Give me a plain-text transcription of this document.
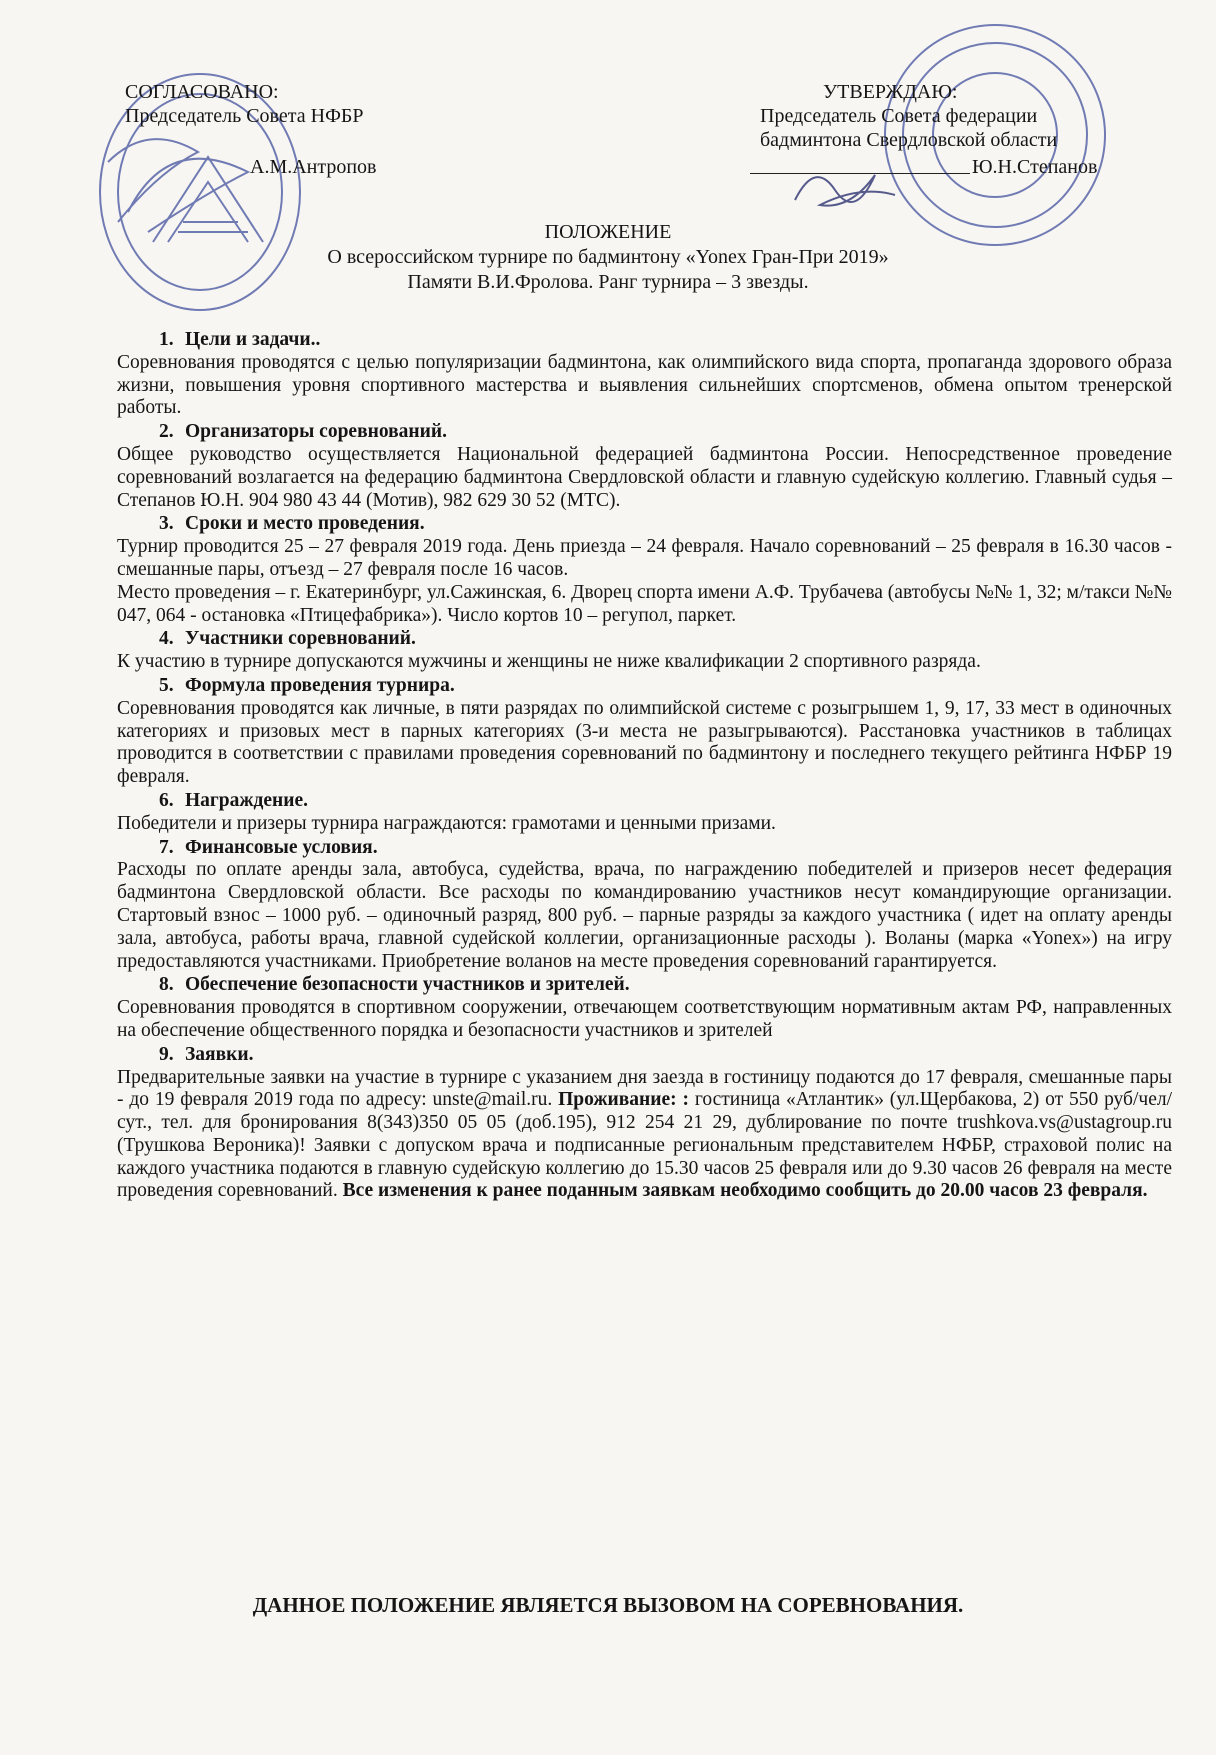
СОГЛАСОВАНО:
Председатель Совета НФБР
А.М.Антропов
УТВЕРЖДАЮ:
Председатель Совета федерации
бадминтона Свердловской области
Ю.Н.Степанов
ПОЛОЖЕНИЕ
О всероссийском турнире по бадминтону «Yonex Гран-При 2019»
Памяти В.И.Фролова. Ранг турнира – 3 звезды.
1. Цели и задачи..

Соревнования проводятся с целью популяризации бадминтона, как олимпийского вида спорта, пропаганда здорового образа жизни, повышения уровня спортивного мастерства и выявления сильнейших спортсменов, обмена опытом тренерской работы.

2. Организаторы соревнований.

Общее руководство осуществляется Национальной федерацией бадминтона России. Непосредственное проведение соревнований возлагается на федерацию бадминтона Свердловской области и главную судейскую коллегию. Главный судья – Степанов Ю.Н. 904 980 43 44 (Мотив), 982 629 30 52 (МТС).

3. Сроки и место проведения.

Турнир проводится 25 – 27 февраля 2019 года. День приезда – 24 февраля. Начало соревнований – 25 февраля в 16.30 часов - смешанные пары, отъезд – 27 февраля после 16 часов.

Место проведения – г. Екатеринбург, ул.Сажинская, 6. Дворец спорта имени А.Ф. Трубачева (автобусы №№ 1, 32; м/такси №№ 047, 064 - остановка «Птицефабрика»). Число кортов 10 – регупол, паркет.

4. Участники соревнований.

К участию в турнире допускаются мужчины и женщины не ниже квалификации 2 спортивного разряда.

5. Формула проведения турнира.

Соревнования проводятся как личные, в пяти разрядах по олимпийской системе с розыгрышем 1, 9, 17, 33 мест в одиночных категориях и призовых мест в парных категориях (3-и места не разыгрываются). Расстановка участников в таблицах проводится в соответствии с правилами проведения соревнований по бадминтону и последнего текущего рейтинга НФБР 19 февраля.

6. Награждение.

Победители и призеры турнира награждаются: грамотами и ценными призами.

7. Финансовые условия.

Расходы по оплате аренды зала, автобуса, судейства, врача, по награждению победителей и призеров несет федерация бадминтона Свердловской области. Все расходы по командированию участников несут командирующие организации. Стартовый взнос – 1000 руб. – одиночный разряд, 800 руб. – парные разряды за каждого участника ( идет на оплату аренды зала, автобуса, работы врача, главной судейской коллегии, организационные расходы ). Воланы (марка «Yonex») на игру предоставляются участниками. Приобретение воланов на месте проведения соревнований гарантируется.

8. Обеспечение безопасности участников и зрителей.

Соревнования проводятся в спортивном сооружении, отвечающем соответствующим нормативным актам РФ, направленных на обеспечение общественного порядка и безопасности участников и зрителей

9. Заявки.

Предварительные заявки на участие в турнире с указанием дня заезда в гостиницу подаются до 17 февраля, смешанные пары - до 19 февраля 2019 года по адресу: unste@mail.ru. Проживание: : гостиница «Атлантик» (ул.Щербакова, 2) от 550 руб/чел/сут., тел. для бронирования 8(343)350 05 05 (доб.195), 912 254 21 29, дублирование по почте trushkova.vs@ustagroup.ru (Трушкова Вероника)! Заявки с допуском врача и подписанные региональным представителем НФБР, страховой полис на каждого участника подаются в главную судейскую коллегию до 15.30 часов 25 февраля или до 9.30 часов 26 февраля на месте проведения соревнований. Все изменения к ранее поданным заявкам необходимо сообщить до 20.00 часов 23 февраля.

ДАННОЕ ПОЛОЖЕНИЕ ЯВЛЯЕТСЯ ВЫЗОВОМ НА СОРЕВНОВАНИЯ.
